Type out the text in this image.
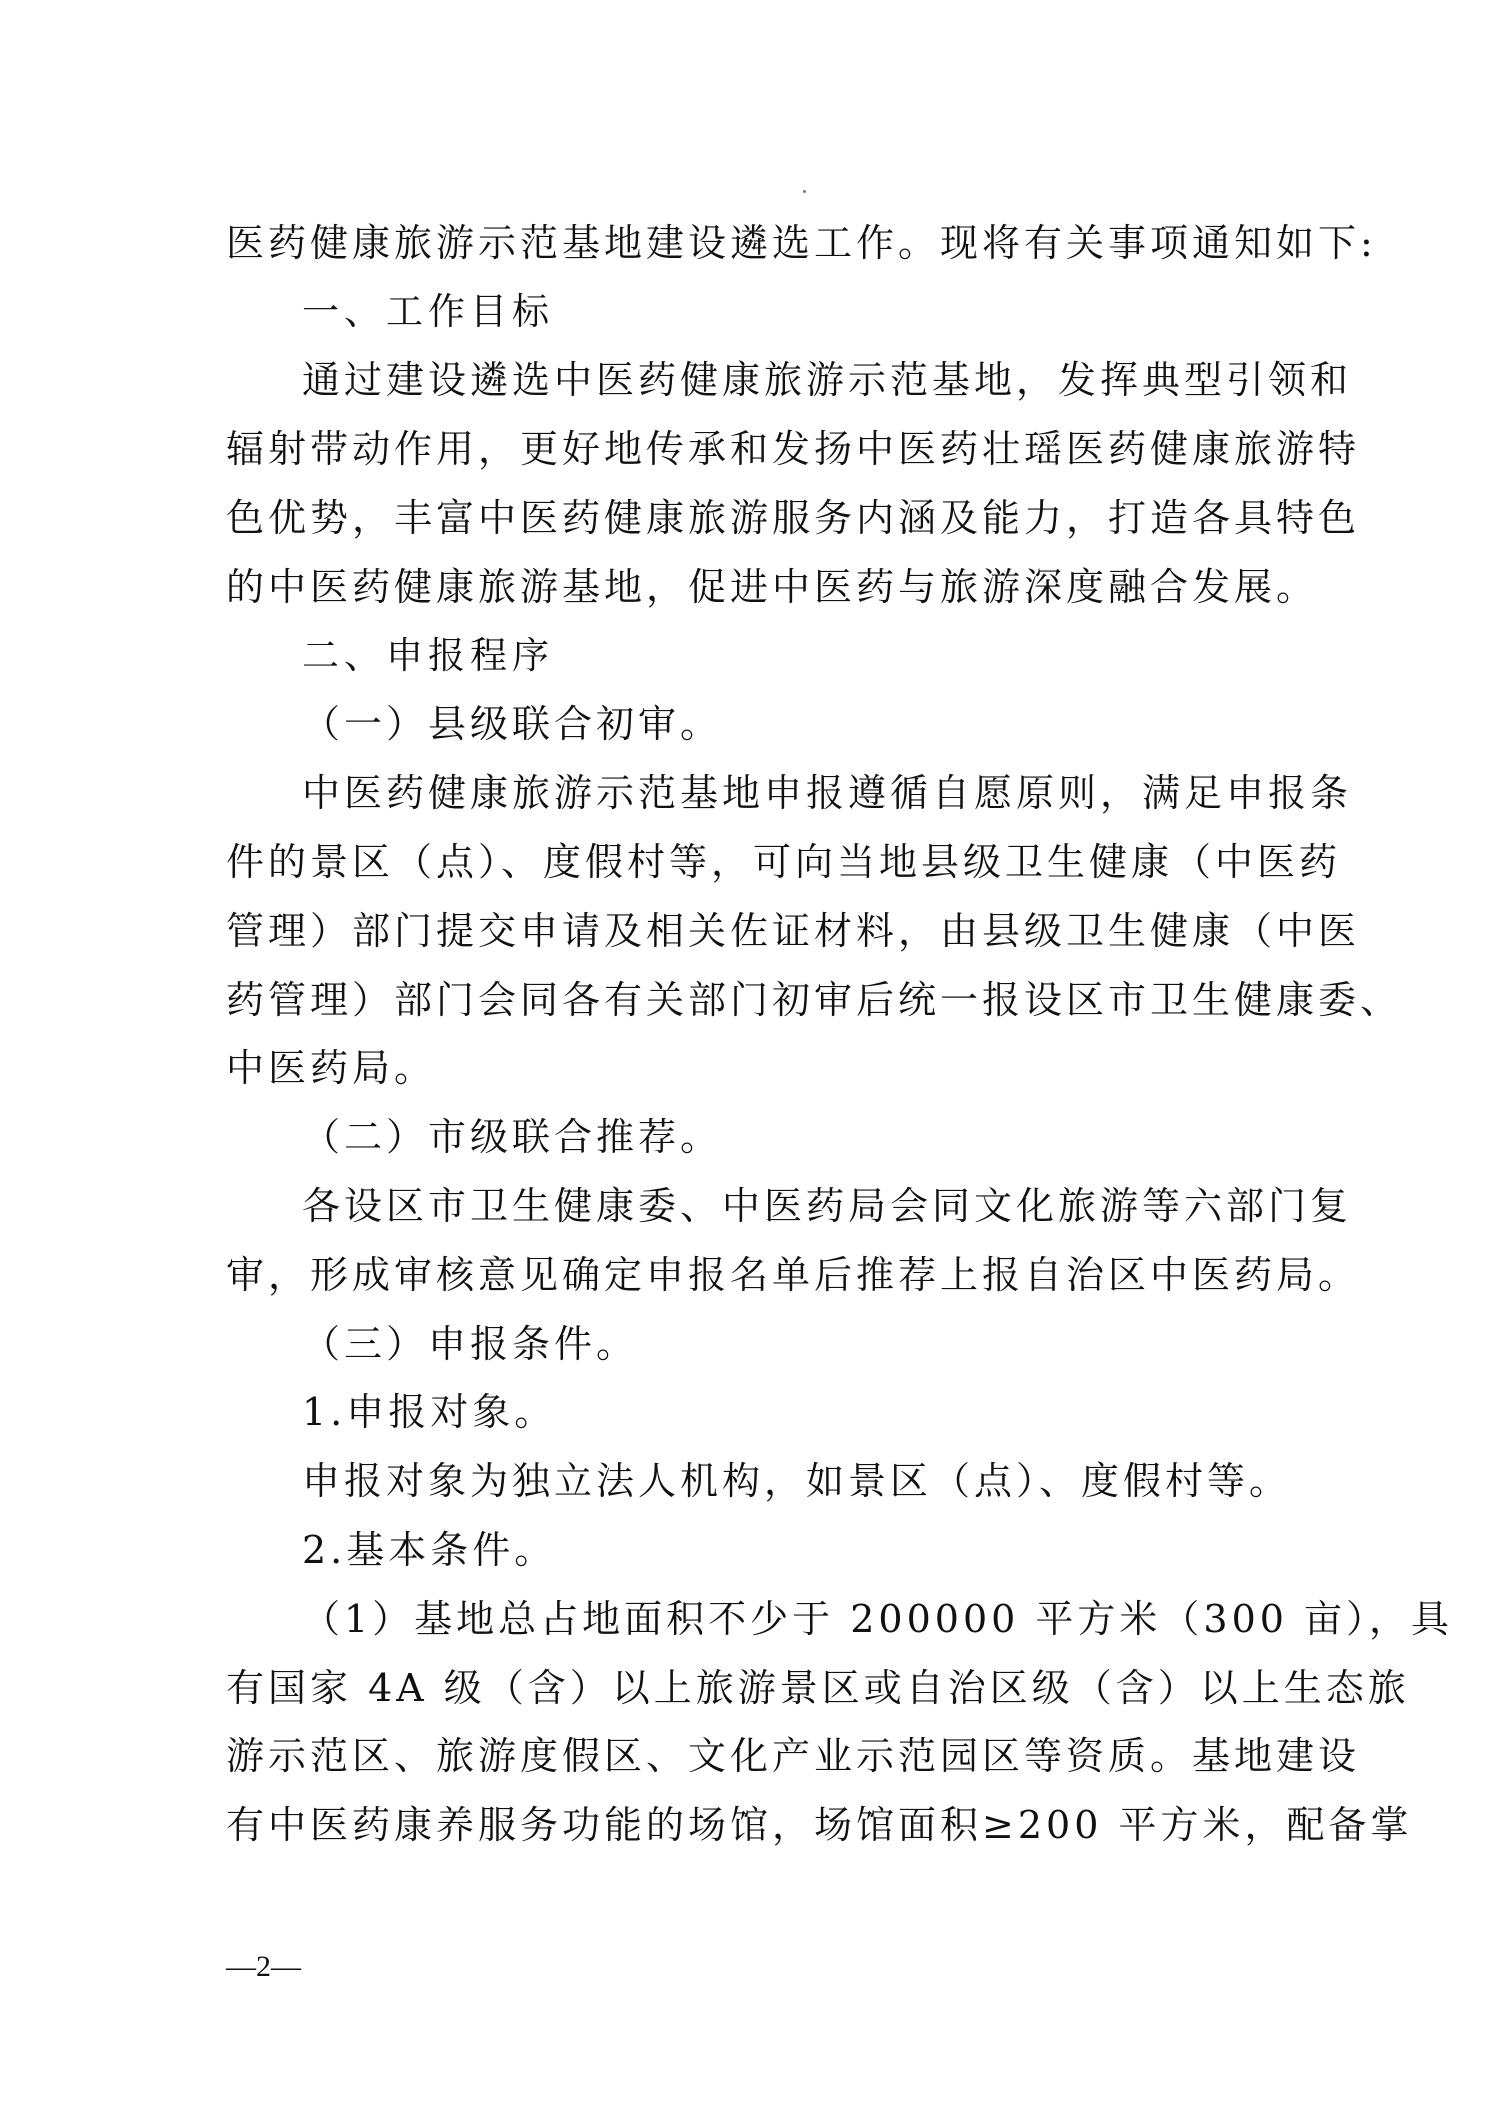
医药健康旅游示范基地建设遴选工作。现将有关事项通知如下:
一、工作目标
通过建设遴选中医药健康旅游示范基地，发挥典型引领和
辐射带动作用，更好地传承和发扬中医药壮瑶医药健康旅游特
色优势，丰富中医药健康旅游服务内涵及能力，打造各具特色
的中医药健康旅游基地，促进中医药与旅游深度融合发展。
二、申报程序
（一）县级联合初审。
中医药健康旅游示范基地申报遵循自愿原则，满足申报条
件的景区（点）、度假村等，可向当地县级卫生健康（中医药
管理）部门提交申请及相关佐证材料，由县级卫生健康（中医
药管理）部门会同各有关部门初审后统一报设区市卫生健康委、
中医药局。
（二）市级联合推荐。
各设区市卫生健康委、中医药局会同文化旅游等六部门复
审，形成审核意见确定申报名单后推荐上报自治区中医药局。
（三）申报条件。
1.申报对象。
申报对象为独立法人机构，如景区（点）、度假村等。
2.基本条件。
（1）基地总占地面积不少于 200000 平方米（300 亩），具
有国家 4A 级（含）以上旅游景区或自治区级（含）以上生态旅
游示范区、旅游度假区、文化产业示范园区等资质。基地建设
有中医药康养服务功能的场馆，场馆面积≥200 平方米，配备掌
—2—
